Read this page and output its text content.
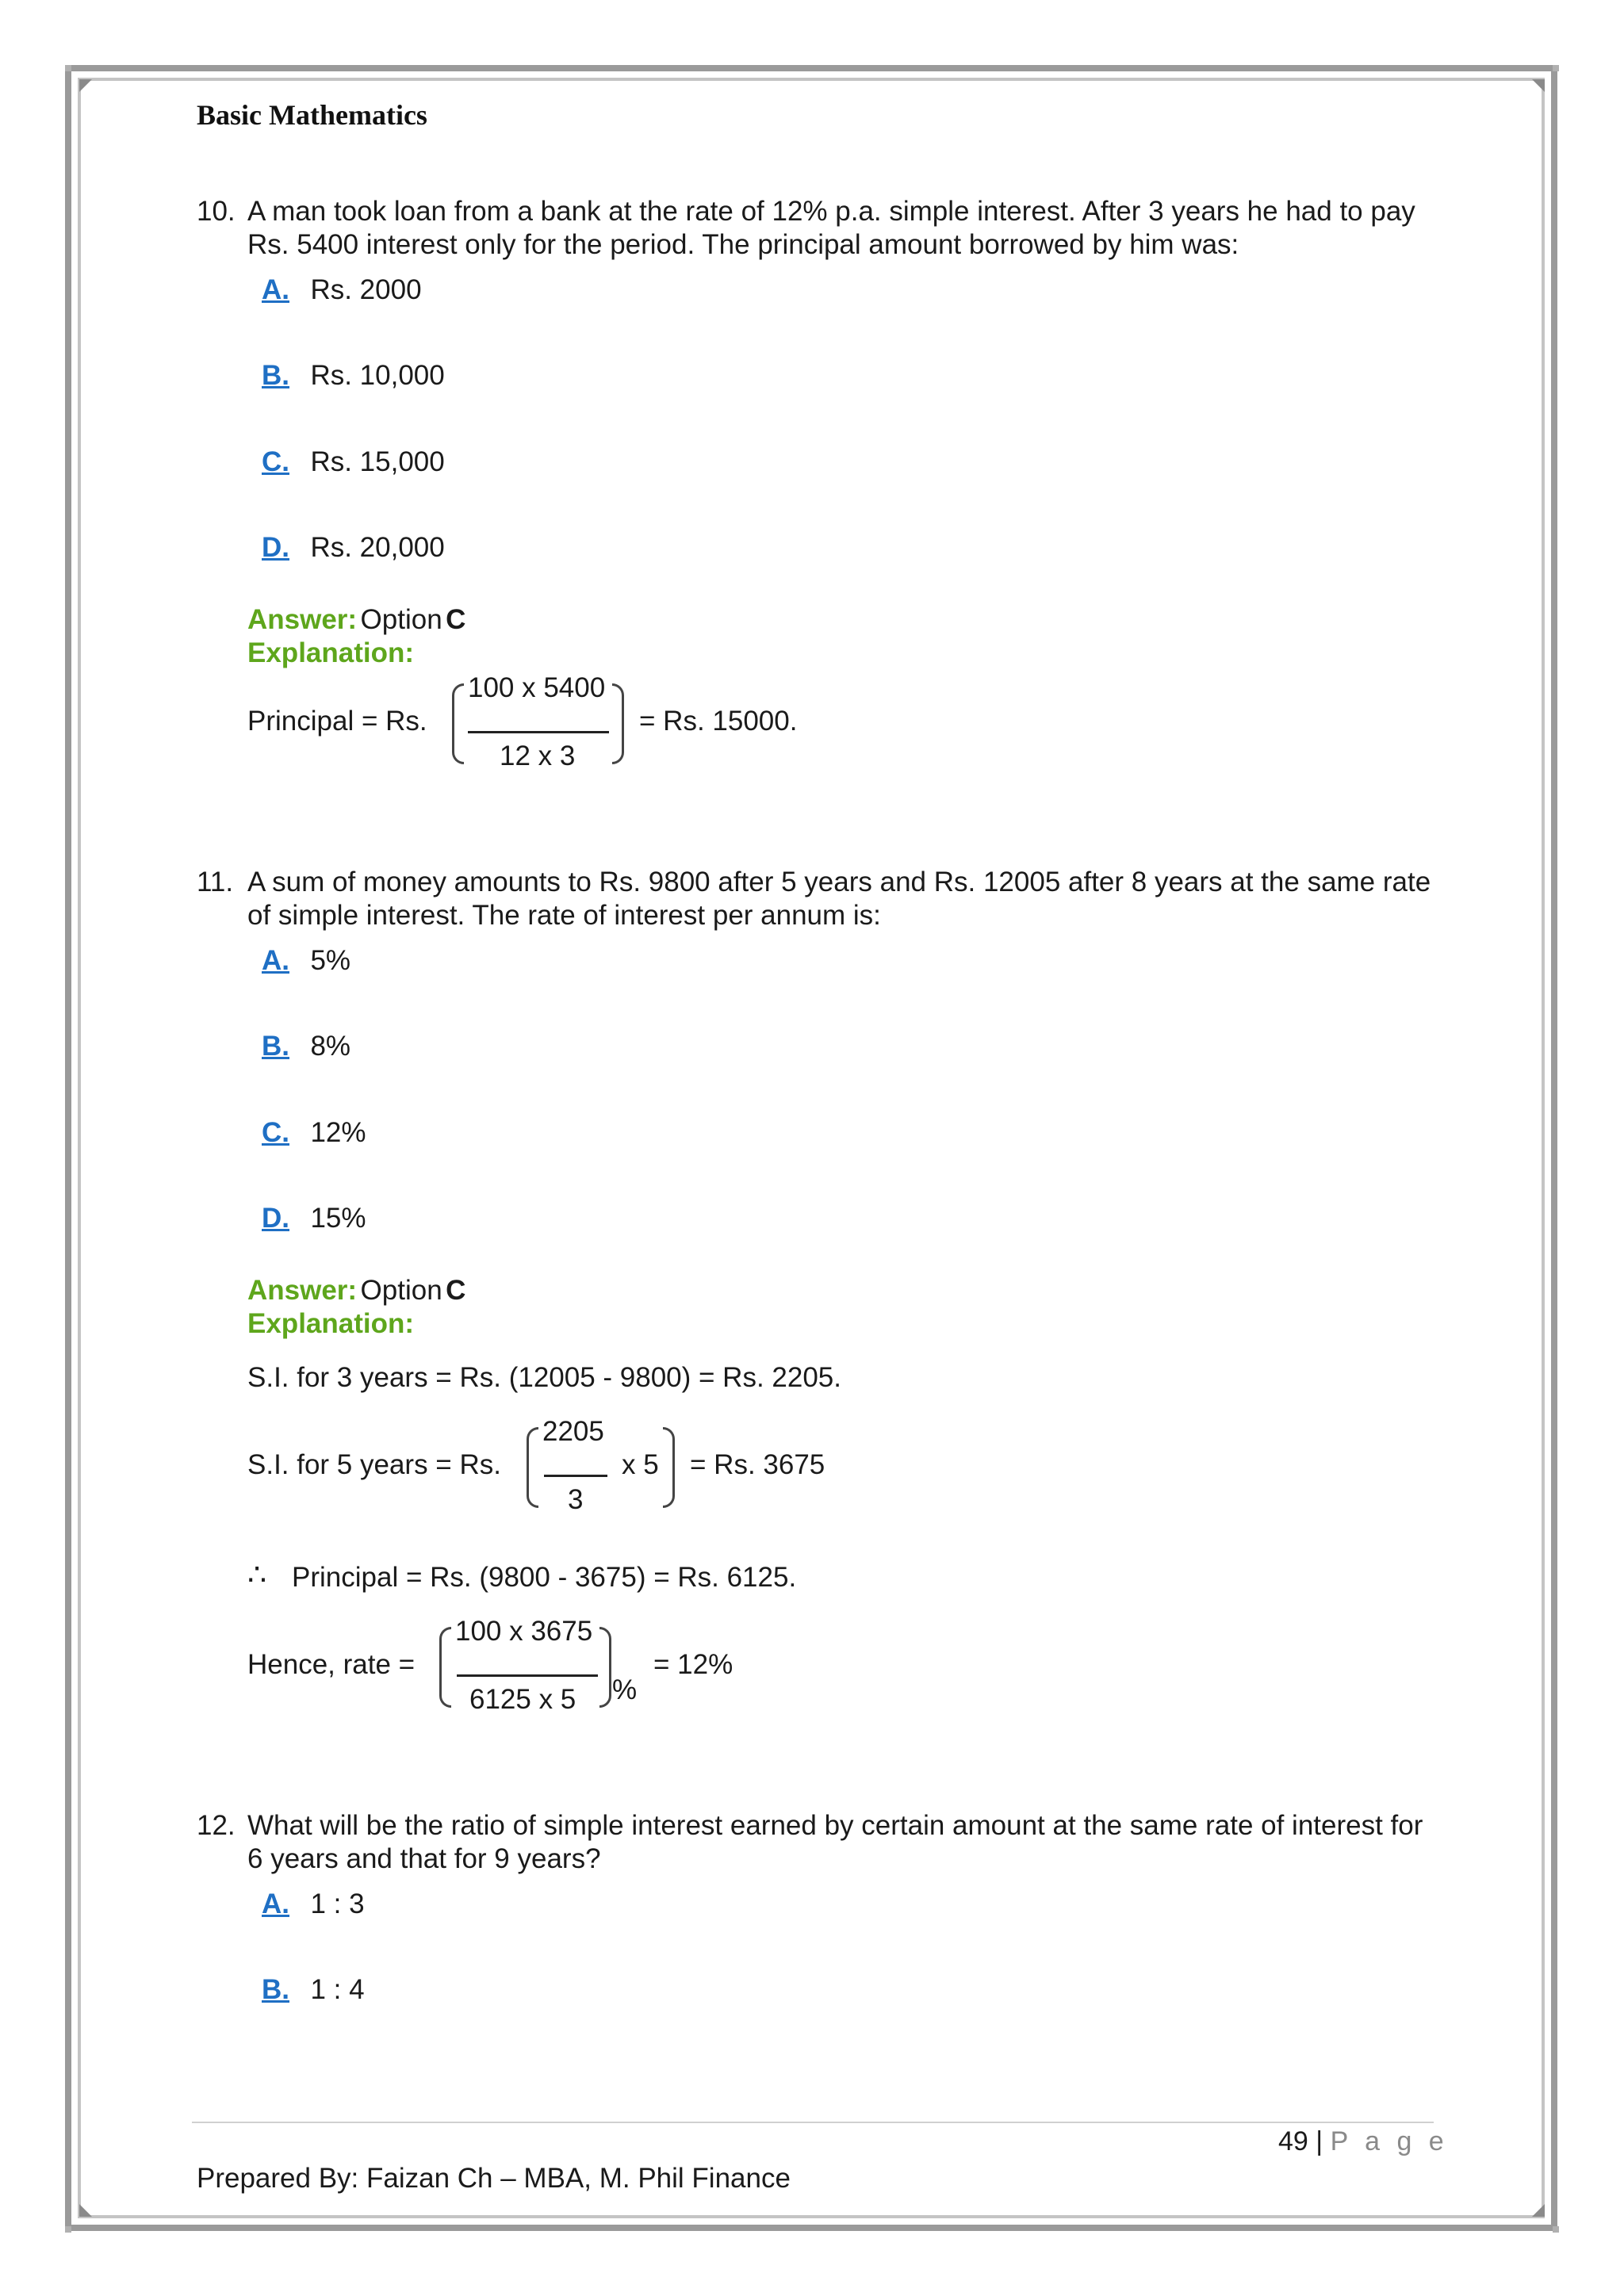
Basic Mathematics
10. A man took loan from a bank at the rate of 12% p.a. simple interest. After 3 years he had to pay Rs. 5400 interest only for the period. The principal amount borrowed by him was:
A. Rs. 2000
B. Rs. 10,000
C. Rs. 15,000
D. Rs. 20,000
Answer: Option C
Explanation:
Principal = Rs.
100 x 5400
12 x 3
= Rs. 15000.
11. A sum of money amounts to Rs. 9800 after 5 years and Rs. 12005 after 8 years at the same rate of simple interest. The rate of interest per annum is:
A. 5%
B. 8%
C. 12%
D. 15%
Answer: Option C
Explanation:
S.I. for 3 years = Rs. (12005 - 9800) = Rs. 2205.
S.I. for 5 years = Rs.
2205
3
x 5 = Rs. 3675
∴ Principal = Rs. (9800 - 3675) = Rs. 6125.
Hence, rate =
100 x 3675
6125 x 5 %
= 12%
12. What will be the ratio of simple interest earned by certain amount at the same rate of interest for 6 years and that for 9 years?
A. 1 : 3
B. 1 : 4
49 | P a g e
Prepared By: Faizan Ch – MBA, M. Phil Finance
